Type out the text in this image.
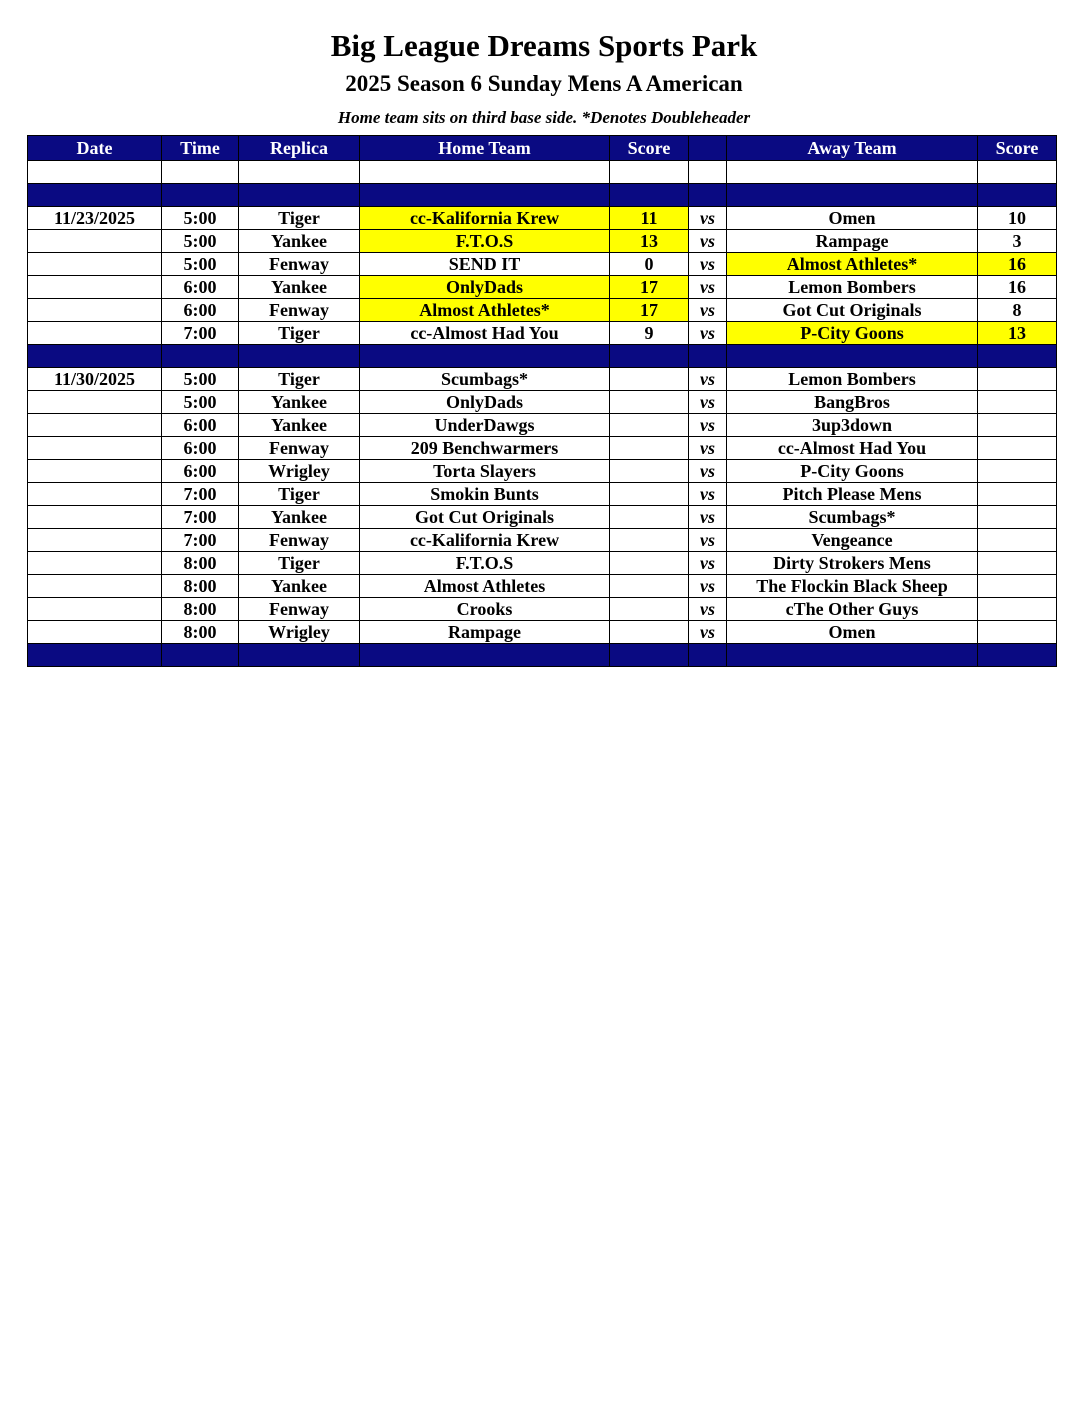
Big League Dreams Sports Park
2025 Season 6 Sunday Mens A American
Home team sits on third base side. *Denotes Doubleheader
Date	Time	Replica	Home Team	Score		Away Team	Score

11/23/2025	5:00	Tiger	cc-Kalifornia Krew	11	vs	Omen	10
	5:00	Yankee	F.T.O.S	13	vs	Rampage	3
	5:00	Fenway	SEND IT	0	vs	Almost Athletes*	16
	6:00	Yankee	OnlyDads	17	vs	Lemon Bombers	16
	6:00	Fenway	Almost Athletes*	17	vs	Got Cut Originals	8
	7:00	Tiger	cc-Almost Had You	9	vs	P-City Goons	13

11/30/2025	5:00	Tiger	Scumbags*		vs	Lemon Bombers	
	5:00	Yankee	OnlyDads		vs	BangBros	
	6:00	Yankee	UnderDawgs		vs	3up3down	
	6:00	Fenway	209 Benchwarmers		vs	cc-Almost Had You	
	6:00	Wrigley	Torta Slayers		vs	P-City Goons	
	7:00	Tiger	Smokin Bunts		vs	Pitch Please Mens	
	7:00	Yankee	Got Cut Originals		vs	Scumbags*	
	7:00	Fenway	cc-Kalifornia Krew		vs	Vengeance	
	8:00	Tiger	F.T.O.S		vs	Dirty Strokers Mens	
	8:00	Yankee	Almost Athletes		vs	The Flockin Black Sheep	
	8:00	Fenway	Crooks		vs	cThe Other Guys	
	8:00	Wrigley	Rampage		vs	Omen	
